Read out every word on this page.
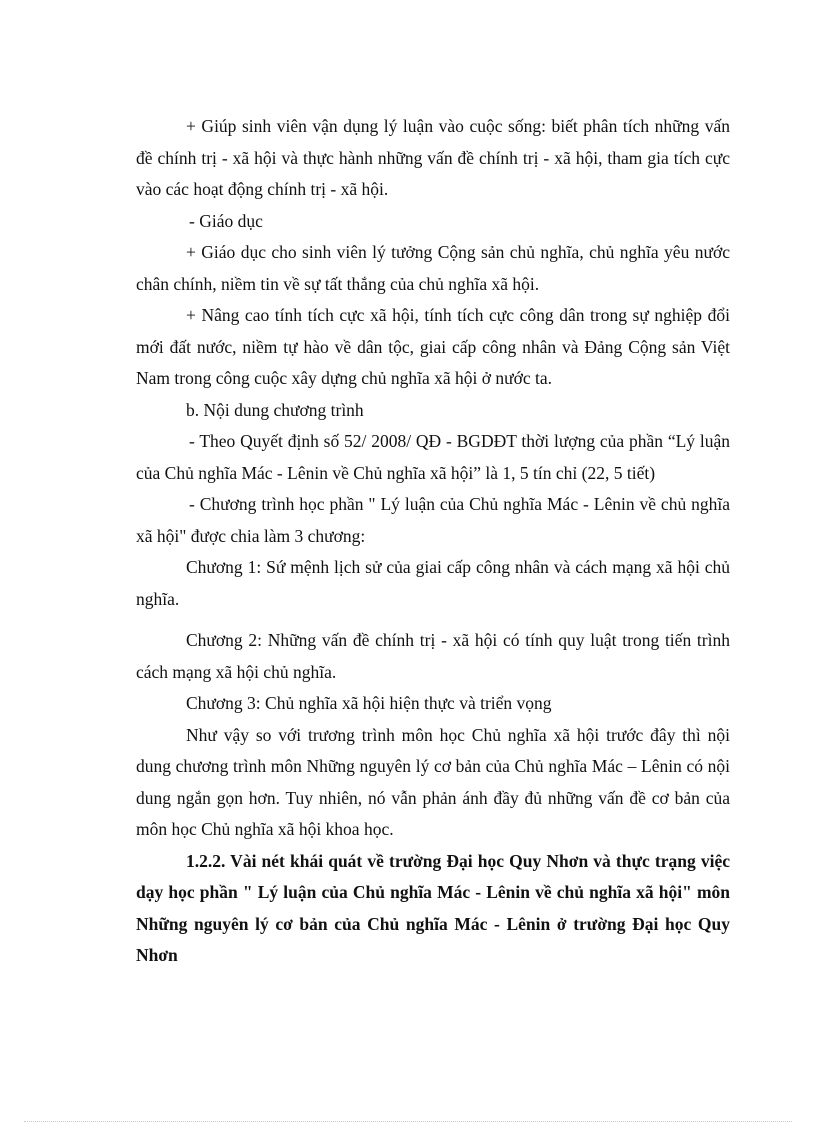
+ Giúp sinh viên vận dụng lý luận vào cuộc sống: biết phân tích những vấn đề chính trị - xã hội và thực hành những vấn đề chính trị - xã hội, tham gia tích cực vào các hoạt động chính trị - xã hội.

- Giáo dục

+ Giáo dục cho sinh viên lý tưởng Cộng sản chủ nghĩa, chủ nghĩa yêu nước chân chính, niềm tin về sự tất thắng của chủ nghĩa xã hội.

+ Nâng cao tính tích cực xã hội, tính tích cực công dân trong sự nghiệp đổi mới đất nước, niềm tự hào về dân tộc, giai cấp công nhân và Đảng Cộng sản Việt Nam trong công cuộc xây dựng chủ nghĩa xã hội ở nước ta.

b. Nội dung chương trình

- Theo Quyết định số 52/ 2008/ QĐ - BGDĐT thời lượng của phần “Lý luận của Chủ nghĩa Mác - Lênin về Chủ nghĩa xã hội” là 1, 5 tín chỉ (22, 5 tiết)

- Chương trình học phần " Lý luận của Chủ nghĩa Mác - Lênin về chủ nghĩa xã hội" được chia làm 3 chương:

Chương 1: Sứ mệnh lịch sử của giai cấp công nhân và cách mạng xã hội chủ nghĩa.

Chương 2: Những vấn đề chính trị - xã hội có tính quy luật trong tiến trình cách mạng xã hội chủ nghĩa.

Chương 3: Chủ nghĩa xã hội hiện thực và triển vọng

Như vậy so với trương trình môn học Chủ nghĩa xã hội trước đây thì nội dung chương trình môn Những nguyên lý cơ bản của Chủ nghĩa Mác – Lênin có nội dung ngắn gọn hơn. Tuy nhiên, nó vẫn phản ánh đầy đủ những vấn đề cơ bản của môn học Chủ nghĩa xã hội khoa học.

1.2.2. Vài nét khái quát về trường Đại học Quy Nhơn và thực trạng việc dạy học phần " Lý luận của Chủ nghĩa Mác - Lênin về chủ nghĩa xã hội" môn Những nguyên lý cơ bản của Chủ nghĩa Mác - Lênin ở trường Đại học Quy Nhơn
